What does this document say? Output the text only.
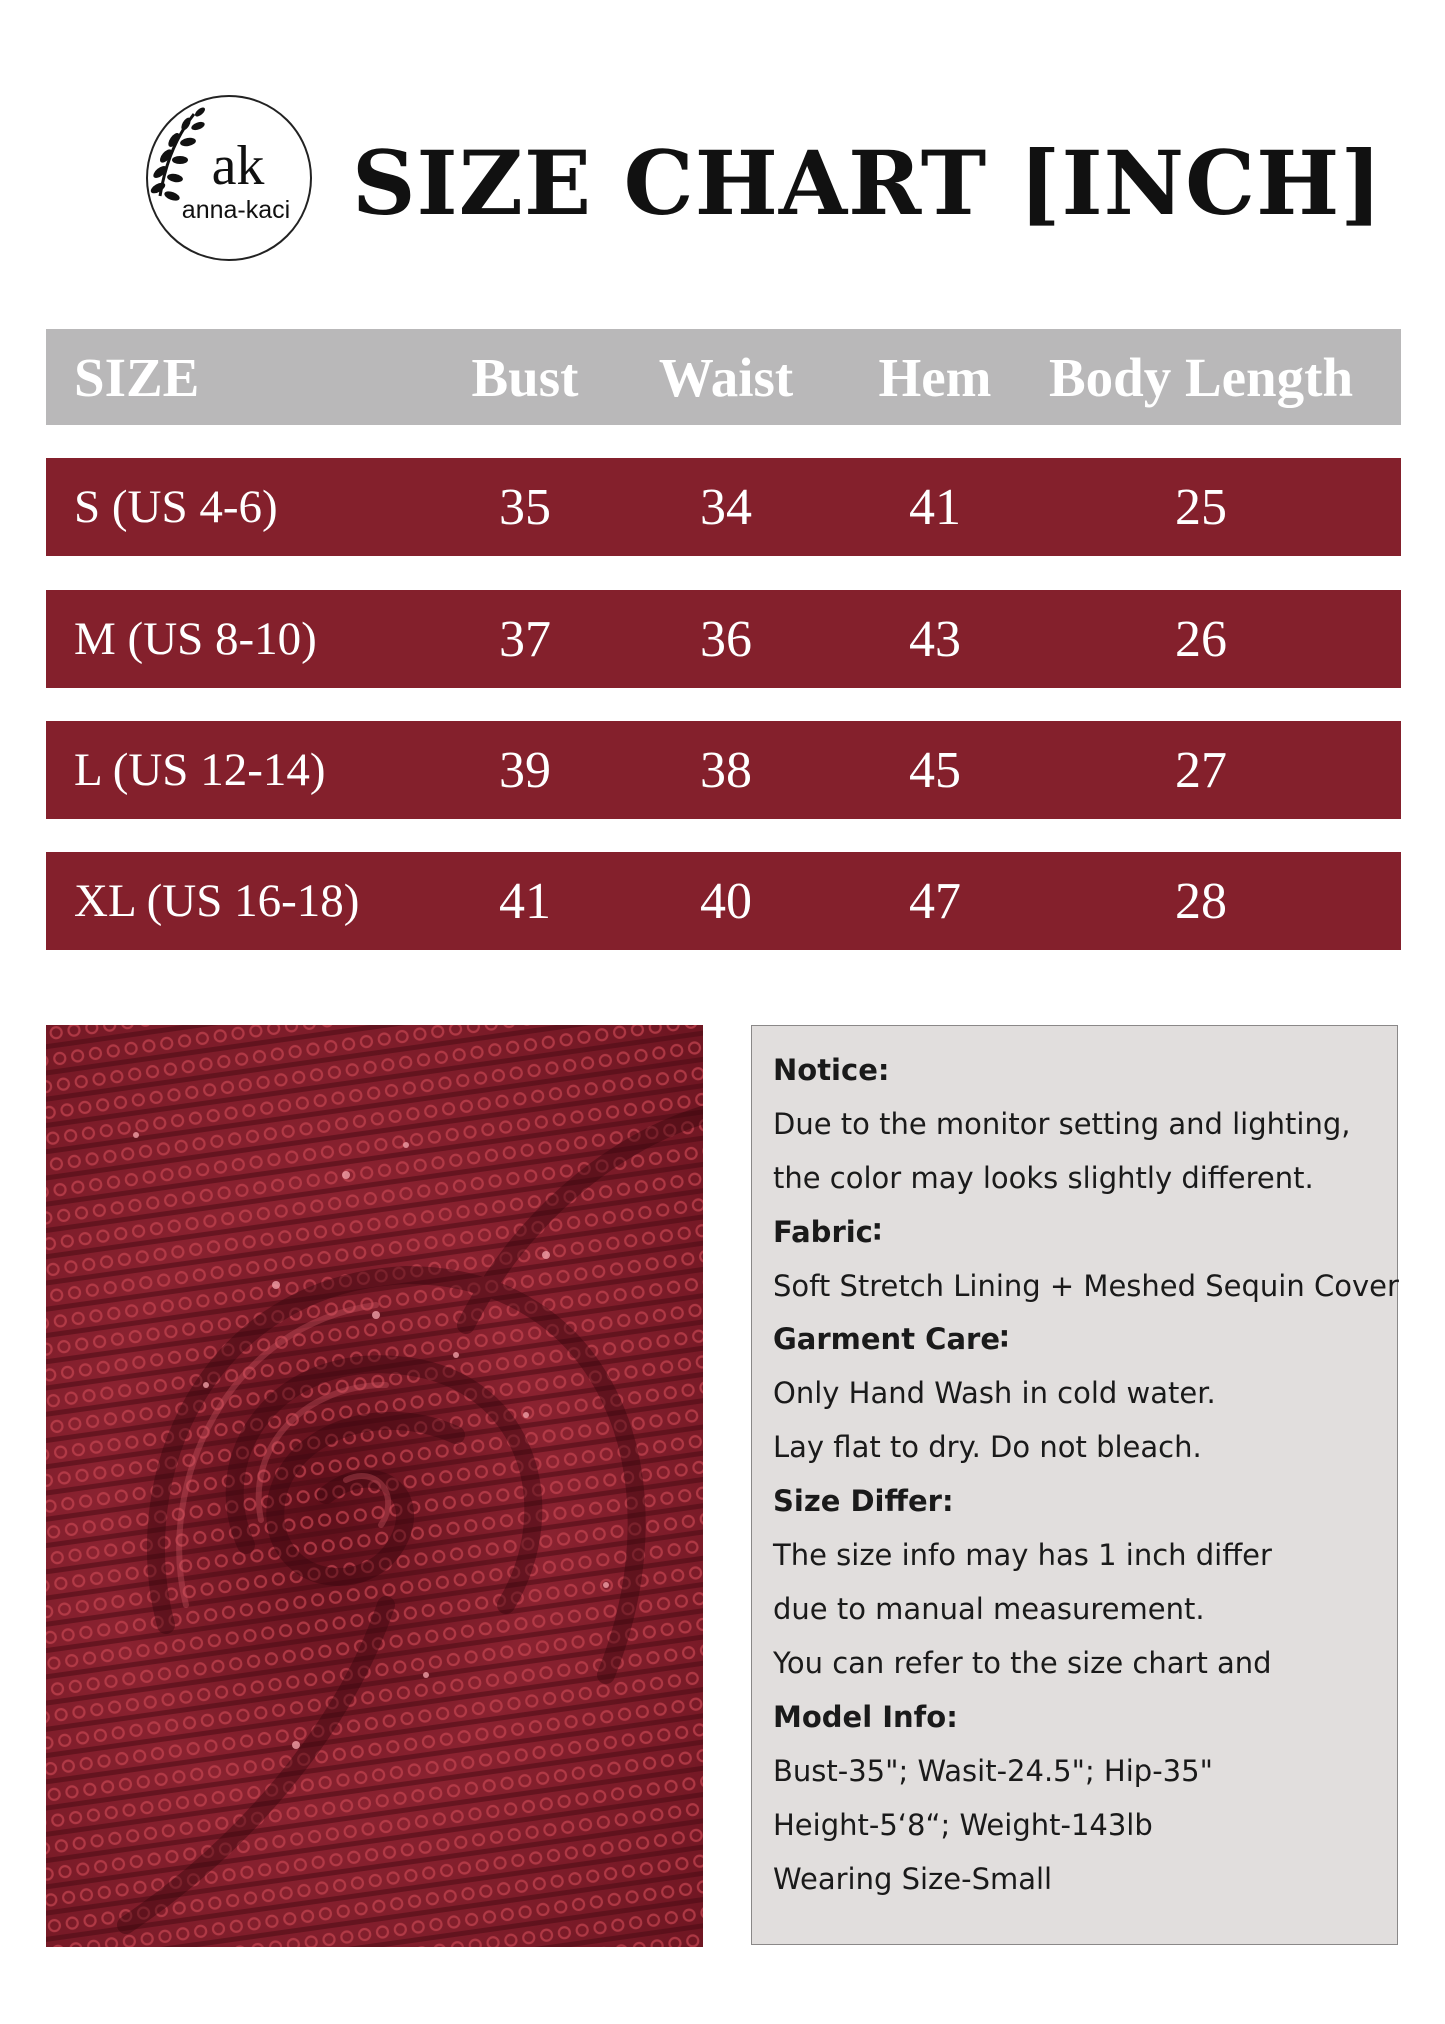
ak
anna-kaci SIZE CHART [INCH]
SIZE	Bust	Waist	Hem	Body Length
S (US 4-6)	35	34	41	25
M (US 8-10)	37	36	43	26
L (US 12-14)	39	38	45	27
XL (US 16-18)	41	40	47	28
Notice:
Due to the monitor setting and lighting,
the color may looks slightly different.
Fabric∶
Soft Stretch Lining + Meshed Sequin Cover
Garment Care∶
Only Hand Wash in cold water.
Lay flat to dry. Do not bleach.
Size Differ:
The size info may has 1 inch differ
due to manual measurement.
You can refer to the size chart and
Model Info:
Bust-35"; Wasit-24.5"; Hip-35"
Height-5‘8“; Weight-143lb
Wearing Size-Small
